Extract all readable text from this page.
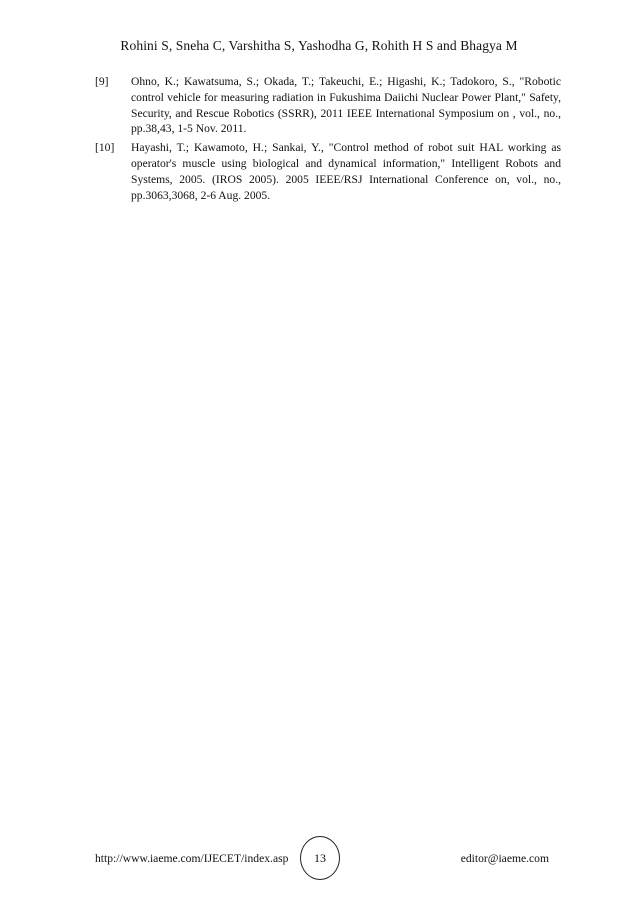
Rohini S, Sneha C, Varshitha S, Yashodha G, Rohith H S and Bhagya M
[9] Ohno, K.; Kawatsuma, S.; Okada, T.; Takeuchi, E.; Higashi, K.; Tadokoro, S., "Robotic control vehicle for measuring radiation in Fukushima Daiichi Nuclear Power Plant," Safety, Security, and Rescue Robotics (SSRR), 2011 IEEE International Symposium on , vol., no., pp.38,43, 1-5 Nov. 2011.
[10] Hayashi, T.; Kawamoto, H.; Sankai, Y., "Control method of robot suit HAL working as operator's muscle using biological and dynamical information," Intelligent Robots and Systems, 2005. (IROS 2005). 2005 IEEE/RSJ International Conference on, vol., no., pp.3063,3068, 2-6 Aug. 2005.
http://www.iaeme.com/IJECET/index.asp	13	editor@iaeme.com
